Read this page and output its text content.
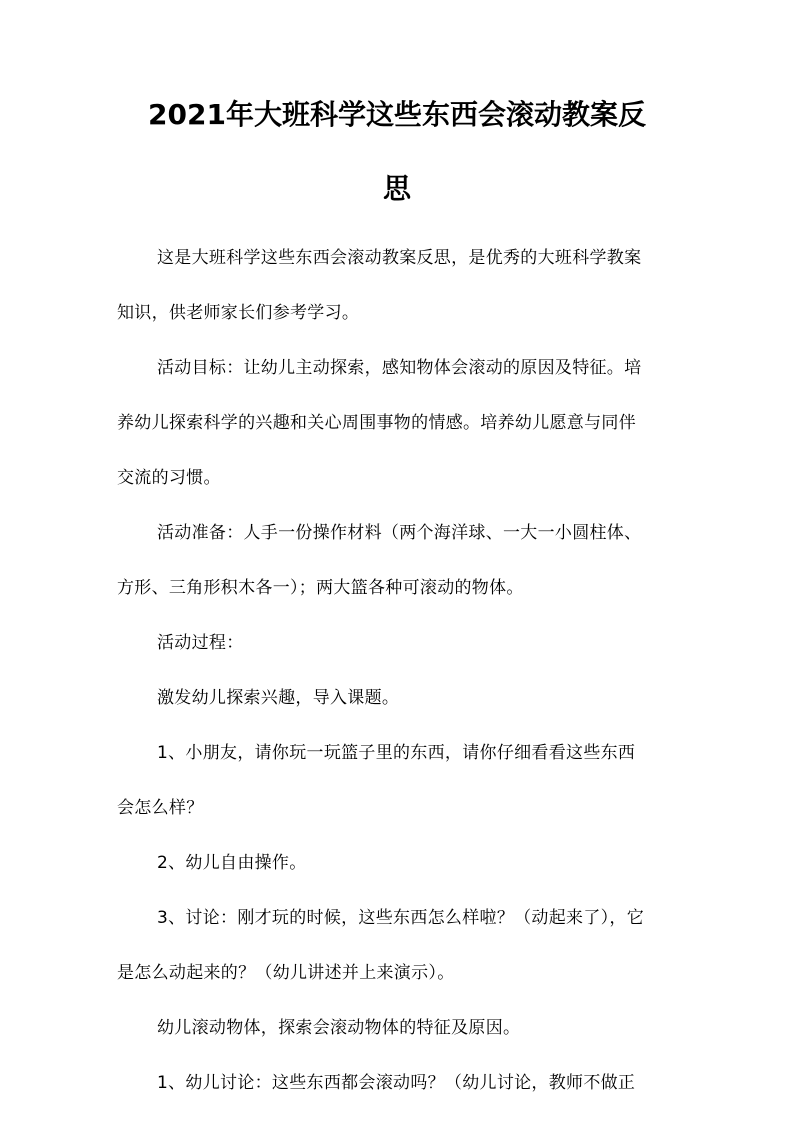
2021年大班科学这些东西会滚动教案反
思
这是大班科学这些东西会滚动教案反思，是优秀的大班科学教案
知识，供老师家长们参考学习。
活动目标：让幼儿主动探索，感知物体会滚动的原因及特征。培
养幼儿探索科学的兴趣和关心周围事物的情感。培养幼儿愿意与同伴
交流的习惯。
活动准备：人手一份操作材料（两个海洋球、一大一小圆柱体、
方形、三角形积木各一）；两大篮各种可滚动的物体。
活动过程：
激发幼儿探索兴趣，导入课题。
1、小朋友，请你玩一玩篮子里的东西，请你仔细看看这些东西
会怎么样？
2、幼儿自由操作。
3、讨论：刚才玩的时候，这些东西怎么样啦？（动起来了），它
是怎么动起来的？（幼儿讲述并上来演示）。
幼儿滚动物体，探索会滚动物体的特征及原因。
1、幼儿讨论：这些东西都会滚动吗？（幼儿讨论，教师不做正
